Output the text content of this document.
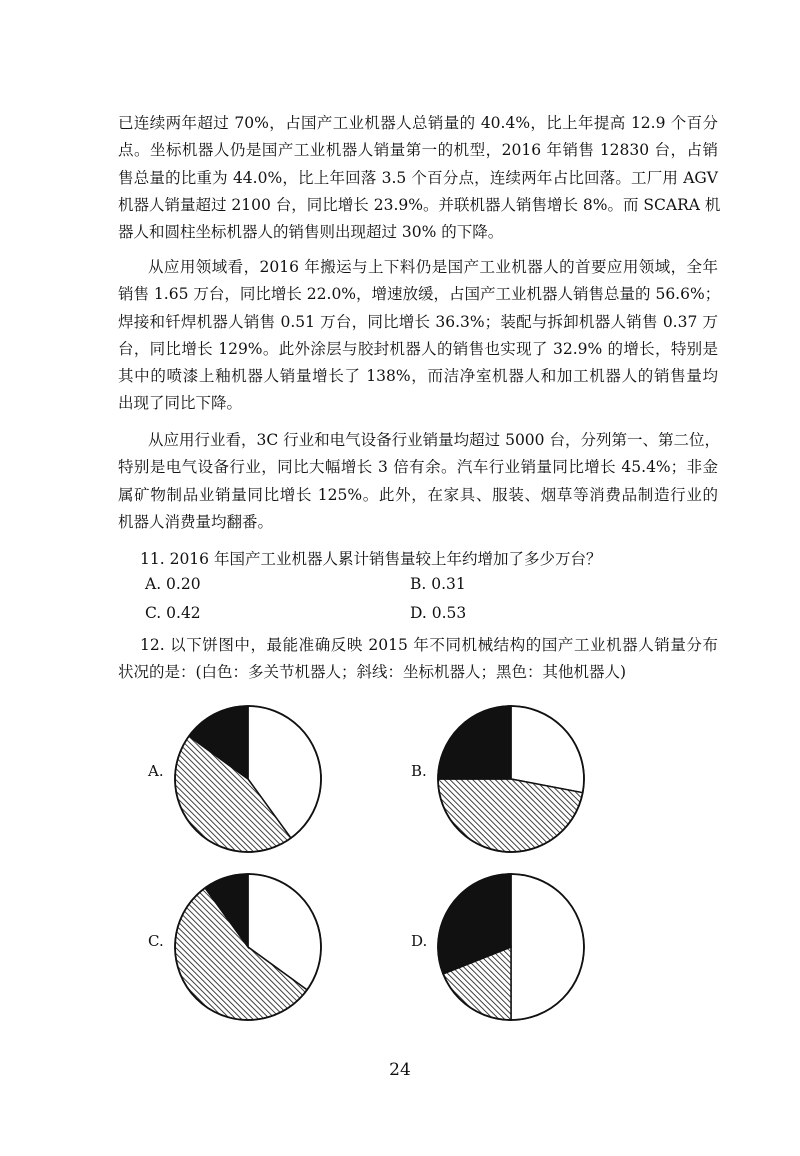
已连续两年超过 70%，占国产工业机器人总销量的 40.4%，比上年提高 12.9 个百分
点。坐标机器人仍是国产工业机器人销量第一的机型，2016 年销售 12830 台，占销
售总量的比重为 44.0%，比上年回落 3.5 个百分点，连续两年占比回落。工厂用 AGV
机器人销量超过 2100 台，同比增长 23.9%。并联机器人销售增长 8%。而 SCARA 机
器人和圆柱坐标机器人的销售则出现超过 30% 的下降。
从应用领域看，2016 年搬运与上下料仍是国产工业机器人的首要应用领域，全年
销售 1.65 万台，同比增长 22.0%，增速放缓，占国产工业机器人销售总量的 56.6%；
焊接和钎焊机器人销售 0.51 万台，同比增长 36.3%；装配与拆卸机器人销售 0.37 万
台，同比增长 129%。此外涂层与胶封机器人的销售也实现了 32.9% 的增长，特别是
其中的喷漆上釉机器人销量增长了 138%，而洁净室机器人和加工机器人的销售量均
出现了同比下降。
从应用行业看，3C 行业和电气设备行业销量均超过 5000 台，分列第一、第二位，
特别是电气设备行业，同比大幅增长 3 倍有余。汽车行业销量同比增长 45.4%；非金
属矿物制品业销量同比增长 125%。此外，在家具、服装、烟草等消费品制造行业的
机器人消费量均翻番。
11. 2016 年国产工业机器人累计销售量较上年约增加了多少万台？
A. 0.20	B. 0.31
C. 0.42	D. 0.53
12. 以下饼图中，最能准确反映 2015 年不同机械结构的国产工业机器人销量分布
状况的是：(白色：多关节机器人；斜线：坐标机器人；黑色：其他机器人)
A.	B.
C.	D.
24
